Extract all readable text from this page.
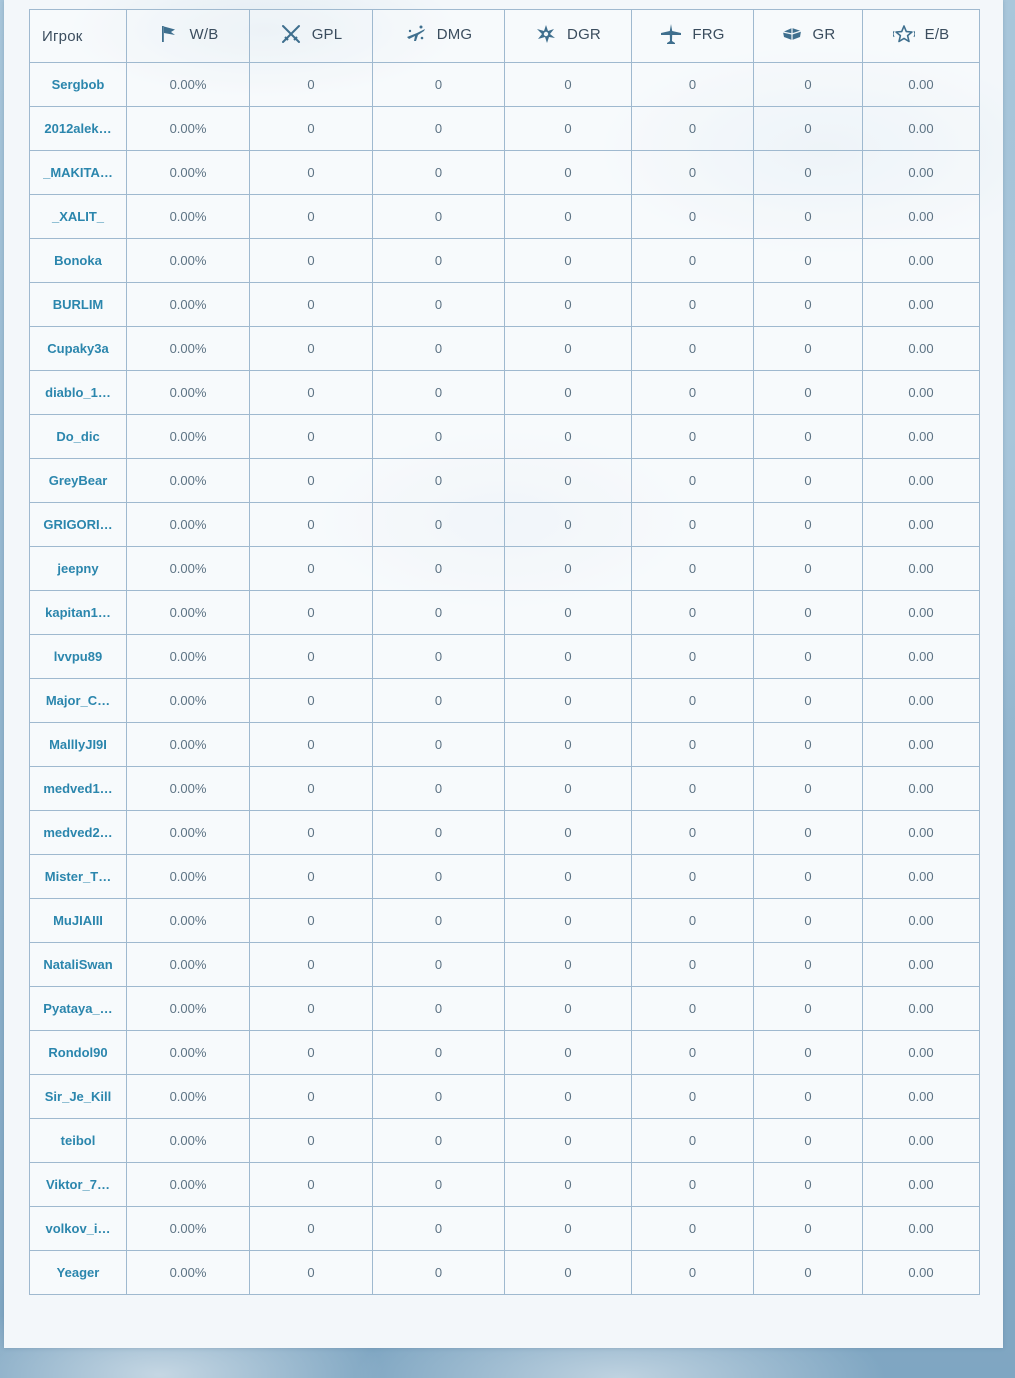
Игрок	W/B	GPL	DMG	DGR	FRG	GR	E/B

Sergbob	0.00%	0	0	0	0	0	0.00

2012alek…	0.00%	0	0	0	0	0	0.00

_MAKITA…	0.00%	0	0	0	0	0	0.00

_XALIT_	0.00%	0	0	0	0	0	0.00

Bonoka	0.00%	0	0	0	0	0	0.00

BURLIM	0.00%	0	0	0	0	0	0.00

Cupaky3a	0.00%	0	0	0	0	0	0.00

diablo_1…	0.00%	0	0	0	0	0	0.00

Do_dic	0.00%	0	0	0	0	0	0.00

GreyBear	0.00%	0	0	0	0	0	0.00

GRIGORI…	0.00%	0	0	0	0	0	0.00

jeepny	0.00%	0	0	0	0	0	0.00

kapitan1…	0.00%	0	0	0	0	0	0.00

lvvpu89	0.00%	0	0	0	0	0	0.00

Major_C…	0.00%	0	0	0	0	0	0.00

MalllyJI9I	0.00%	0	0	0	0	0	0.00

medved1…	0.00%	0	0	0	0	0	0.00

medved2…	0.00%	0	0	0	0	0	0.00

Mister_T…	0.00%	0	0	0	0	0	0.00

MuJIAIII	0.00%	0	0	0	0	0	0.00

NataliSwan	0.00%	0	0	0	0	0	0.00

Pyataya_…	0.00%	0	0	0	0	0	0.00

Rondol90	0.00%	0	0	0	0	0	0.00

Sir_Je_Kill	0.00%	0	0	0	0	0	0.00

teibol	0.00%	0	0	0	0	0	0.00

Viktor_7…	0.00%	0	0	0	0	0	0.00

volkov_i…	0.00%	0	0	0	0	0	0.00

Yeager	0.00%	0	0	0	0	0	0.00
